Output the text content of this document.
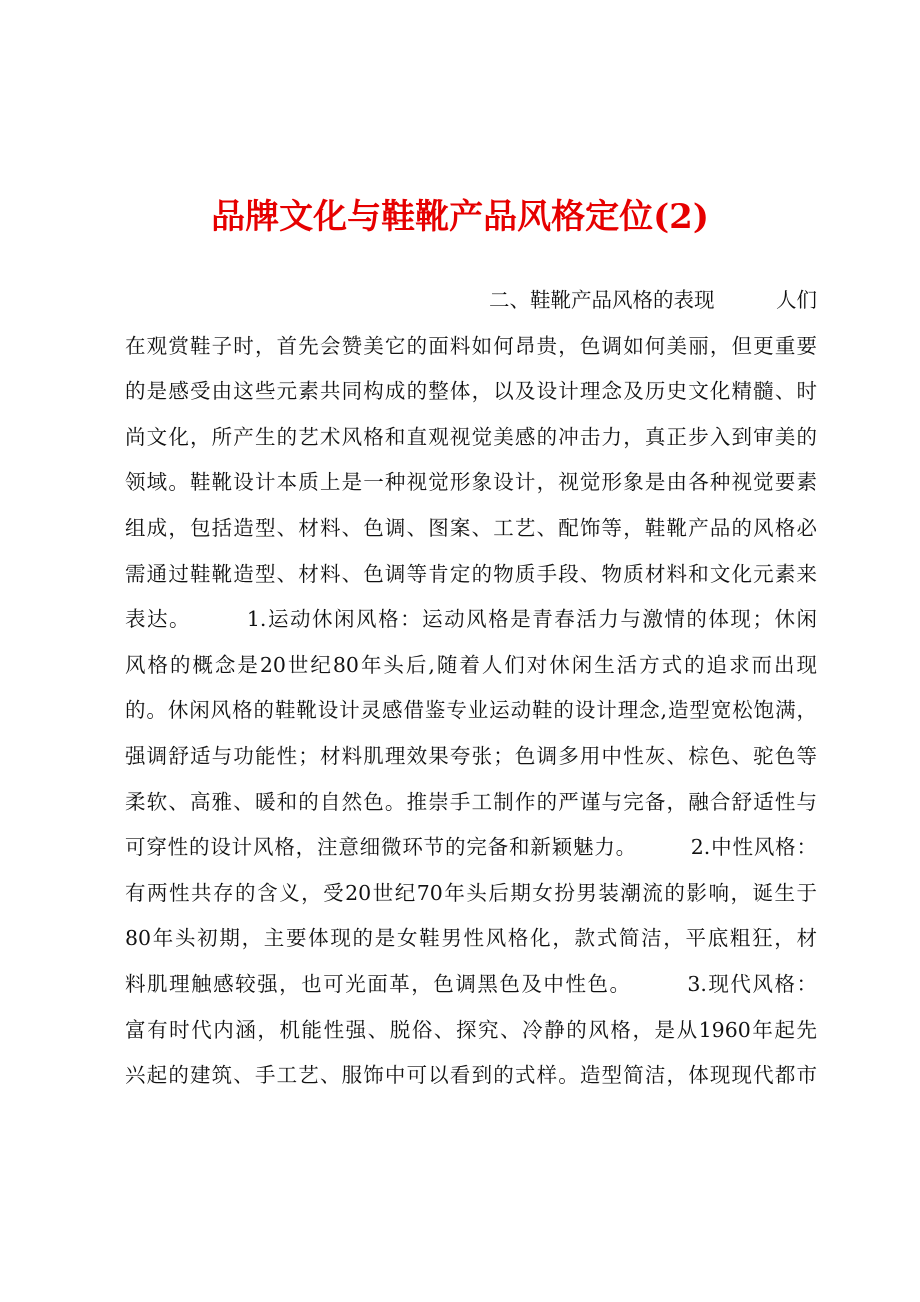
品牌文化与鞋靴产品风格定位(2)
二、鞋靴产品风格的表现　　　人们
在观赏鞋子时，首先会赞美它的面料如何昂贵，色调如何美丽，但更重要
的是感受由这些元素共同构成的整体，以及设计理念及历史文化精髓、时
尚文化，所产生的艺术风格和直观视觉美感的冲击力，真正步入到审美的
领域。鞋靴设计本质上是一种视觉形象设计，视觉形象是由各种视觉要素
组成，包括造型、材料、色调、图案、工艺、配饰等，鞋靴产品的风格必
需通过鞋靴造型、材料、色调等肯定的物质手段、物质材料和文化元素来
表达。　　　1.运动休闲风格：运动风格是青春活力与激情的体现；休闲
风格的概念是20世纪80年头后,随着人们对休闲生活方式的追求而出现
的。休闲风格的鞋靴设计灵感借鉴专业运动鞋的设计理念,造型宽松饱满，
强调舒适与功能性；材料肌理效果夸张；色调多用中性灰、棕色、驼色等
柔软、高雅、暖和的自然色。推崇手工制作的严谨与完备，融合舒适性与
可穿性的设计风格，注意细微环节的完备和新颖魅力。　　　2.中性风格：
有两性共存的含义，受20世纪70年头后期女扮男装潮流的影响，诞生于
80年头初期，主要体现的是女鞋男性风格化，款式简洁，平底粗狂，材
料肌理触感较强，也可光面革，色调黑色及中性色。　　　3.现代风格：
富有时代内涵，机能性强、脱俗、探究、冷静的风格，是从1960年起先
兴起的建筑、手工艺、服饰中可以看到的式样。造型简洁，体现现代都市
